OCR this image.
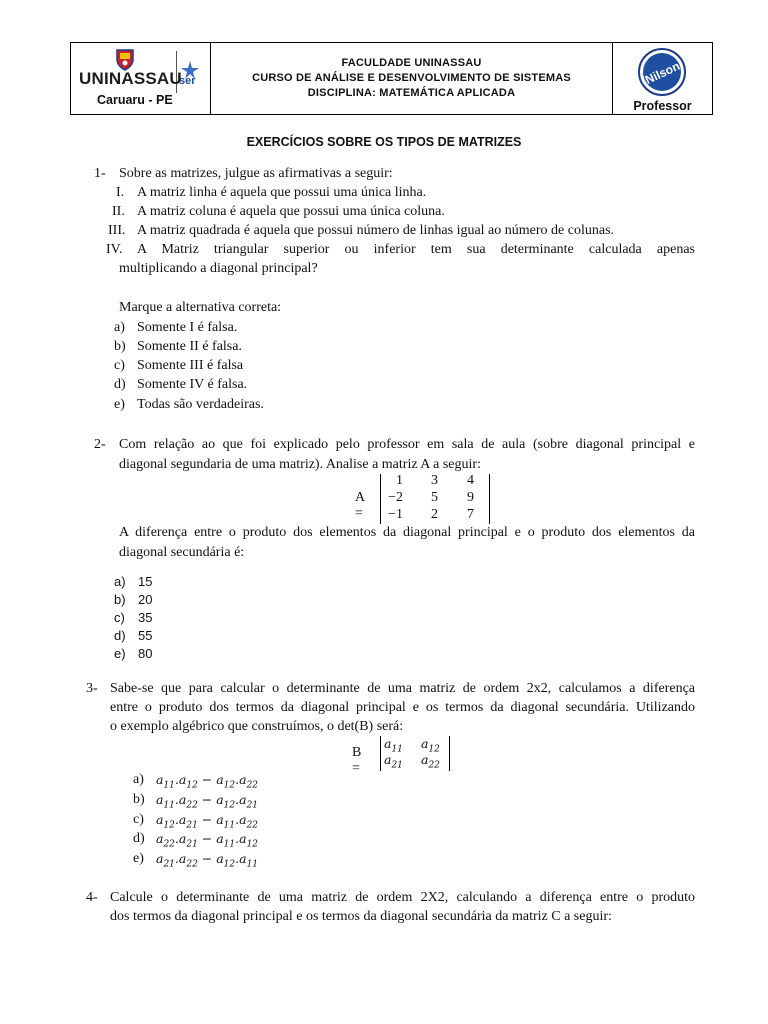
ser
UNINASSAU
Caruaru - PE
FACULDADE UNINASSAU
CURSO DE ANÁLISE E DESENVOLVIMENTO DE SISTEMAS
DISCIPLINA: MATEMÁTICA APLICADA
Nilson
Professor
EXERCÍCIOS SOBRE OS TIPOS DE MATRIZES
1- Sobre as matrizes, julgue as afirmativas a seguir:
I. A matriz linha é aquela que possui uma única linha.
II. A matriz coluna é aquela que possui uma única coluna.
III. A matriz quadrada é aquela que possui número de linhas igual ao número de colunas.
IV. A Matriz triangular superior ou inferior tem sua determinante calculada apenas
multiplicando a diagonal principal?
Marque a alternativa correta:
a) Somente I é falsa.
b) Somente II é falsa.
c) Somente III é falsa
d) Somente IV é falsa.
e) Todas são verdadeiras.
2- Com relação ao que foi explicado pelo professor em sala de aula (sobre diagonal principal e
diagonal segundaria de uma matriz). Analise a matriz A a seguir:
A =
1	3	4
−2	5	9
−1	2	7
A diferença entre o produto dos elementos da diagonal principal e o produto dos elementos da
diagonal secundária é:
a) 15
b) 20
c) 35
d) 55
e) 80
3- Sabe-se que para calcular o determinante de uma matriz de ordem 2x2, calculamos a diferença
entre o produto dos termos da diagonal principal e os termos da diagonal secundária. Utilizando
o exemplo algébrico que construímos, o det(B) será:
B =
$a_{11}$ $a_{12}$
$a_{21}$ $a_{22}$
a) $a_{11}.a_{12} - a_{12}.a_{22}$
b) $a_{11}.a_{22} - a_{12}.a_{21}$
c) $a_{12}.a_{21} - a_{11}.a_{22}$
d) $a_{22}.a_{21} - a_{11}.a_{12}$
e) $a_{21}.a_{22} - a_{12}.a_{11}$
4- Calcule o determinante de uma matriz de ordem 2X2, calculando a diferença entre o produto
dos termos da diagonal principal e os termos da diagonal secundária da matriz C a seguir:
